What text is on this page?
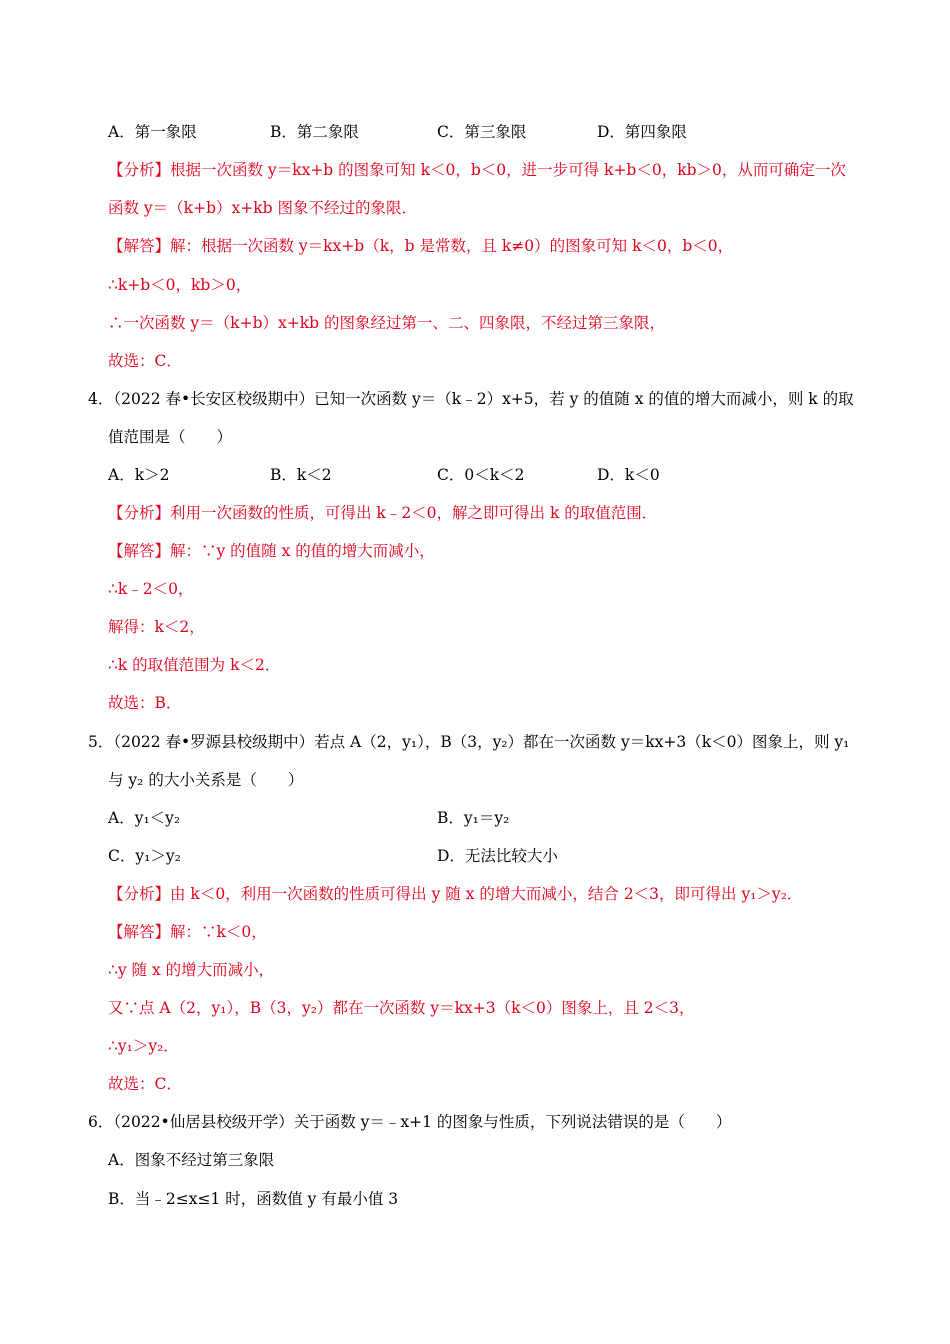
A．第一象限	B．第二象限	C．第三象限	D．第四象限
【分析】根据一次函数 y＝kx+b 的图象可知 k＜0，b＜0，进一步可得 k+b＜0，kb＞0，从而可确定一次
函数 y＝（k+b）x+kb 图象不经过的象限．
【解答】解：根据一次函数 y＝kx+b（k，b 是常数，且 k≠0）的图象可知 k＜0，b＜0，
∴k+b＜0，kb＞0，
∴一次函数 y＝（k+b）x+kb 的图象经过第一、二、四象限，不经过第三象限，
故选：C．
4．（2022 春•长安区校级期中）已知一次函数 y＝（k﹣2）x+5，若 y 的值随 x 的值的增大而减小，则 k 的取
值范围是（　　）
A．k＞2	B．k＜2	C．0＜k＜2	D．k＜0
【分析】利用一次函数的性质，可得出 k﹣2＜0，解之即可得出 k 的取值范围．
【解答】解：∵y 的值随 x 的值的增大而减小，
∴k﹣2＜0，
解得：k＜2，
∴k 的取值范围为 k＜2．
故选：B．
5．（2022 春•罗源县校级期中）若点 A（2，y₁），B（3，y₂）都在一次函数 y＝kx+3（k＜0）图象上，则 y₁
与 y₂ 的大小关系是（　　）
A．y₁＜y₂	B．y₁＝y₂
C．y₁＞y₂	D．无法比较大小
【分析】由 k＜0，利用一次函数的性质可得出 y 随 x 的增大而减小，结合 2＜3，即可得出 y₁＞y₂．
【解答】解：∵k＜0，
∴y 随 x 的增大而减小，
又∵点 A（2，y₁），B（3，y₂）都在一次函数 y＝kx+3（k＜0）图象上，且 2＜3，
∴y₁＞y₂．
故选：C．
6．（2022•仙居县校级开学）关于函数 y＝﹣x+1 的图象与性质，下列说法错误的是（　　）
A．图象不经过第三象限
B．当﹣2≤x≤1 时，函数值 y 有最小值 3
